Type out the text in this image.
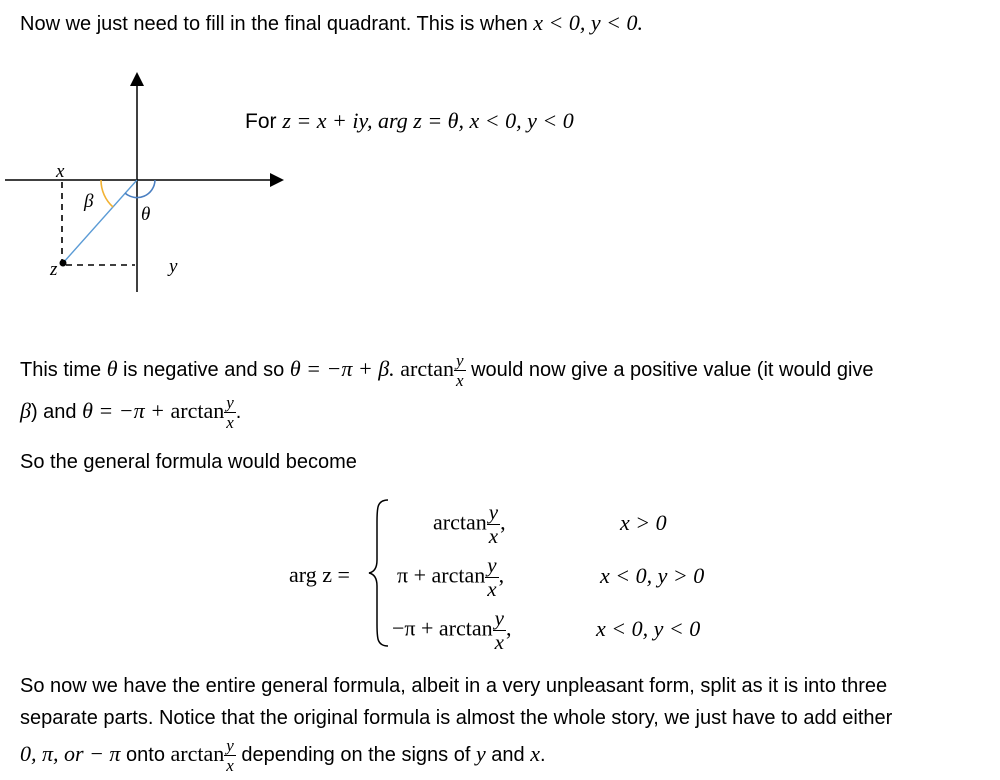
Now we just need to fill in the final quadrant. This is when x < 0, y < 0.
x
β
θ
z	y
For z = x + iy, arg z = θ, x < 0, y < 0
This time θ is negative and so θ = −π + β. $\arctan \frac{y}{x}$ would now give a positive value (it would give
β) and $\theta = -\pi + \arctan \frac{y}{x}$ .
So the general formula would become
arg z =
$\arctan \frac{y}{x}$ ,	x > 0
$\pi + \arctan \frac{y}{x}$ ,	x < 0, y > 0
$-\pi + \arctan \frac{y}{x}$ ,	x < 0, y < 0
So now we have the entire general formula, albeit in a very unpleasant form, split as it is into three
separate parts. Notice that the original formula is almost the whole story, we just have to add either
0, π, or − π onto $\arctan \frac{y}{x}$ depending on the signs of y and x.
